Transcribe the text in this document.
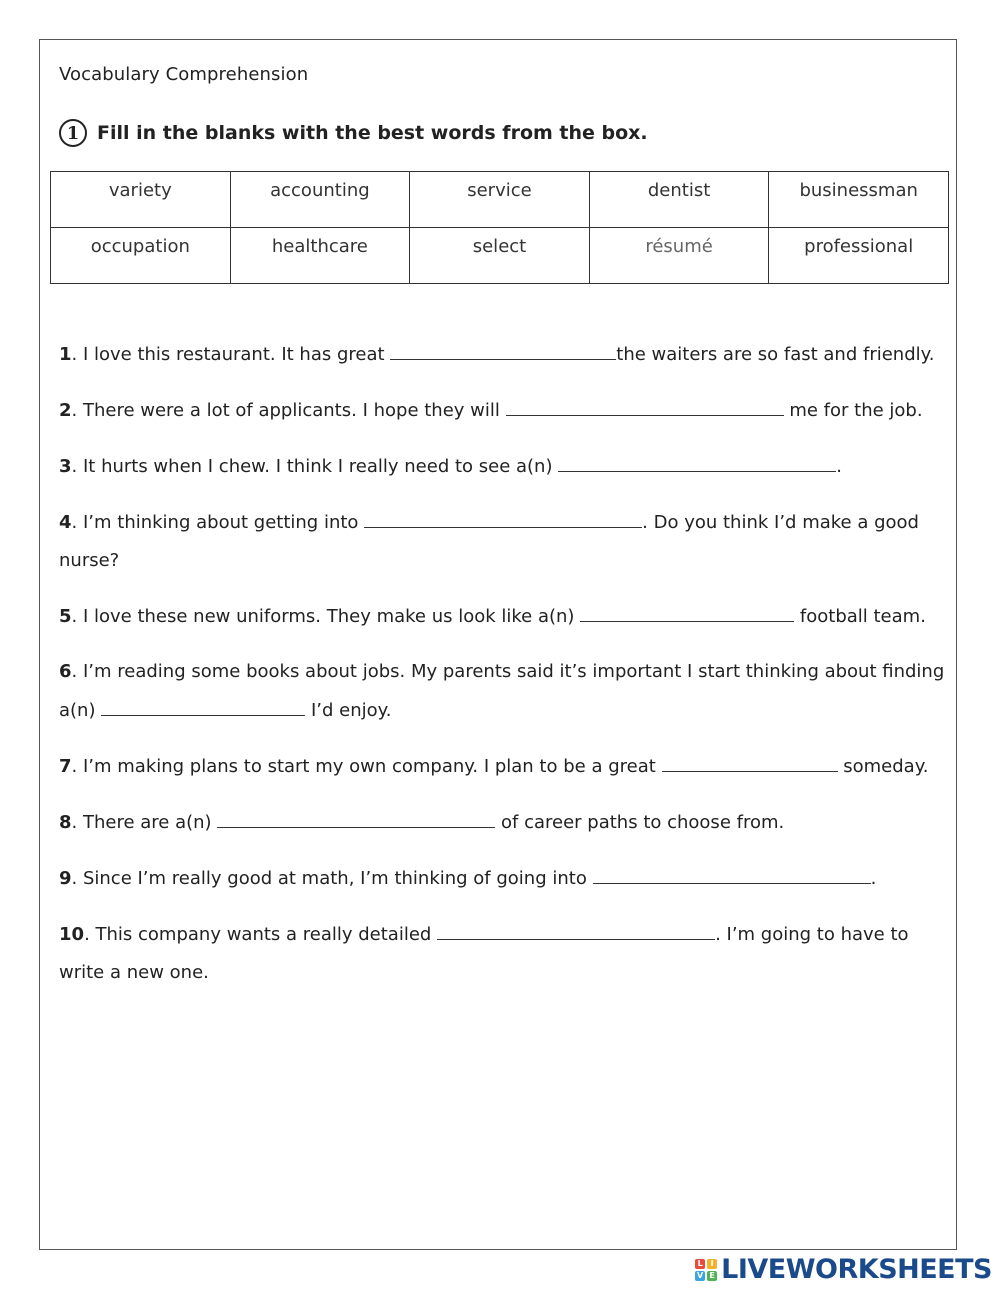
Vocabulary Comprehension
1 Fill in the blanks with the best words from the box.
variety	accounting	service	dentist	businessman
occupation	healthcare	select	résumé	professional
1. I love this restaurant. It has great	the waiters are so fast and friendly.
2. There were a lot of applicants. I hope they will	me for the job.
3. It hurts when I chew. I think I really need to see a(n)	.
4. I’m thinking about getting into	. Do you think I’d make a good
nurse?
5. I love these new uniforms. They make us look like a(n)	football team.
6. I’m reading some books about jobs. My parents said it’s important I start thinking about finding
a(n)	I’d enjoy.
7. I’m making plans to start my own company. I plan to be a great	someday.
8. There are a(n)	of career paths to choose from.
9. Since I’m really good at math, I’m thinking of going into	.
10. This company wants a really detailed	. I’m going to have to
write a new one.
L I
V E LIVEWORKSHEETS
